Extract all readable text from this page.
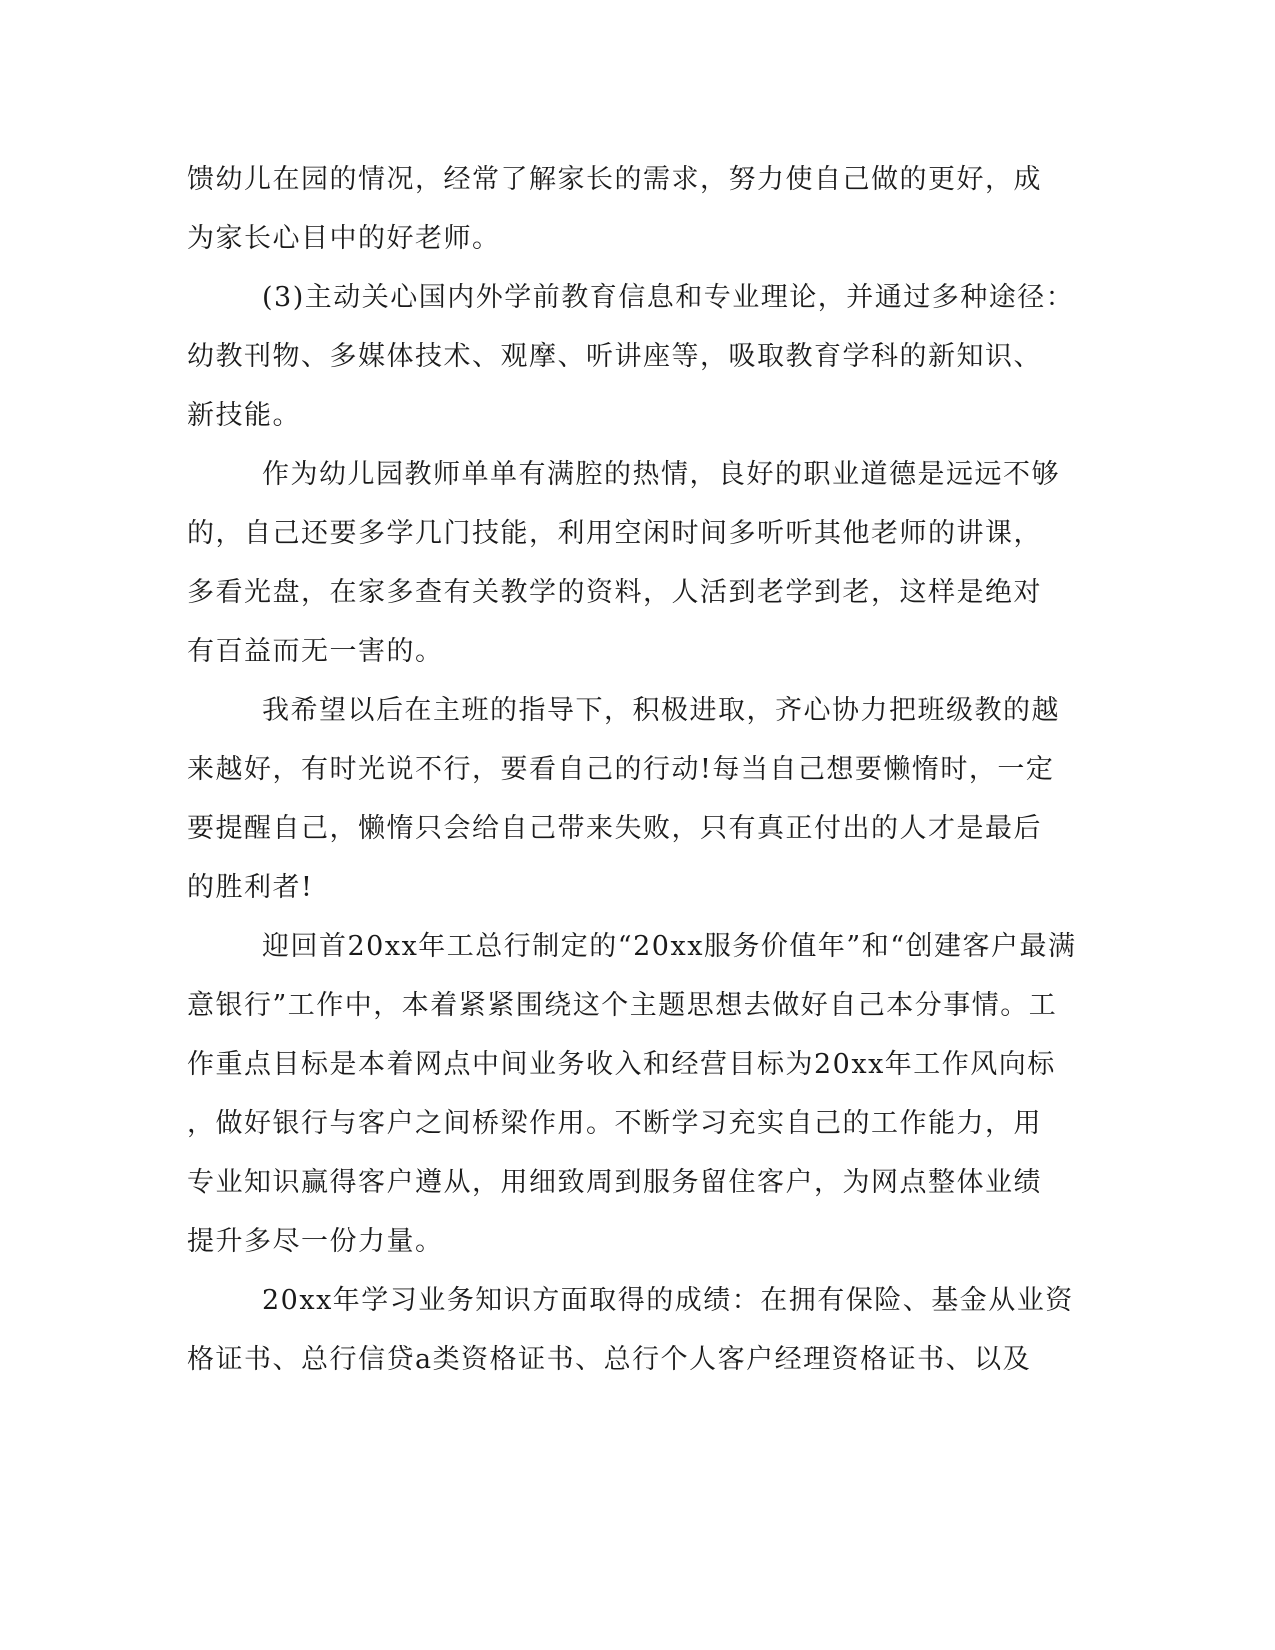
馈幼儿在园的情况，经常了解家长的需求，努力使自己做的更好，成
为家长心目中的好老师。
(3)主动关心国内外学前教育信息和专业理论，并通过多种途径：
幼教刊物、多媒体技术、观摩、听讲座等，吸取教育学科的新知识、
新技能。
作为幼儿园教师单单有满腔的热情，良好的职业道德是远远不够
的，自己还要多学几门技能，利用空闲时间多听听其他老师的讲课，
多看光盘，在家多查有关教学的资料，人活到老学到老，这样是绝对
有百益而无一害的。
我希望以后在主班的指导下，积极进取，齐心协力把班级教的越
来越好，有时光说不行，要看自己的行动!每当自己想要懒惰时，一定
要提醒自己，懒惰只会给自己带来失败，只有真正付出的人才是最后
的胜利者!
迎回首20xx年工总行制定的“20xx服务价值年”和“创建客户最满
意银行”工作中，本着紧紧围绕这个主题思想去做好自己本分事情。工
作重点目标是本着网点中间业务收入和经营目标为20xx年工作风向标
，做好银行与客户之间桥梁作用。不断学习充实自己的工作能力，用
专业知识赢得客户遵从，用细致周到服务留住客户，为网点整体业绩
提升多尽一份力量。
20xx年学习业务知识方面取得的成绩：在拥有保险、基金从业资
格证书、总行信贷a类资格证书、总行个人客户经理资格证书、以及
